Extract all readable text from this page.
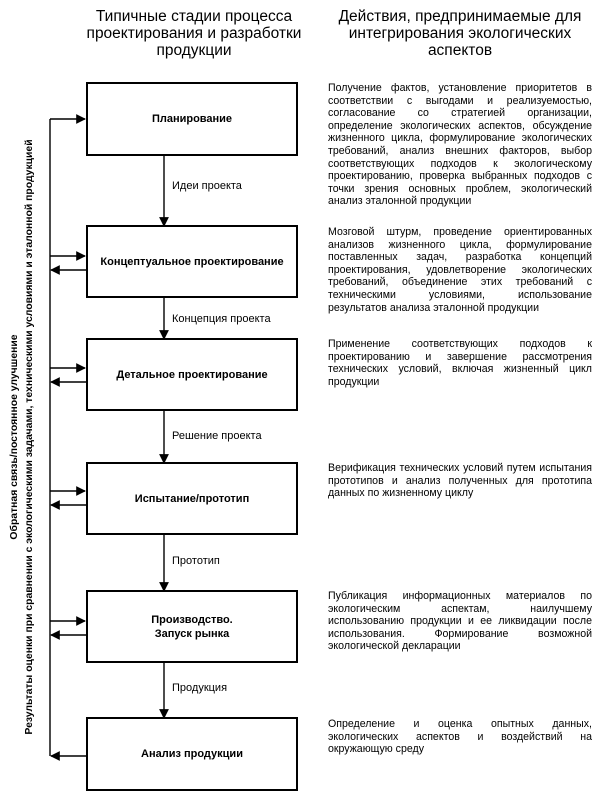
Типичные стадии процесса проектирования и разработки продукции
Действия, предпринимаемые для интегрирования экологических аспектов
Обратная связь/постоянное улучшение Результаты оценки при сравнении с экологическими задачами, техническими условиями и эталонной продукцией
Планирование
Концептуальное проектирование
Детальное проектирование
Испытание/прототип
Производство.
Запуск рынка
Анализ продукции
Идеи проекта
Концепция проекта
Решение проекта
Прототип
Продукция
Получение фактов, установление приоритетов в соответствии с выгодами и реализуемостью, согласование со стратегией организации, определение экологических аспектов, обсуждение жизненного цикла, формулирование экологических требований, анализ внешних факторов, выбор соответствующих подходов к экологическому проектированию, проверка выбранных подходов с точки зрения основных проблем, экологический анализ эталонной продукции
Мозговой штурм, проведение ориентированных анализов жизненного цикла, формулирование поставленных задач, разработка концепций проектирования, удовлетворение экологических требований, объединение этих требований с техническими условиями, использование результатов анализа эталонной продукции
Применение соответствующих подходов к проектированию и завершение рассмотрения технических условий, включая жизненный цикл продукции
Верификация технических условий путем испытания прототипов и анализ полученных для прототипа данных по жизненному циклу
Публикация информационных материалов по экологическим аспектам, наилучшему использованию продукции и ее ликвидации после использования. Формирование возможной экологической декларации
Определение и оценка опытных данных, экологических аспектов и воздействий на окружающую среду
